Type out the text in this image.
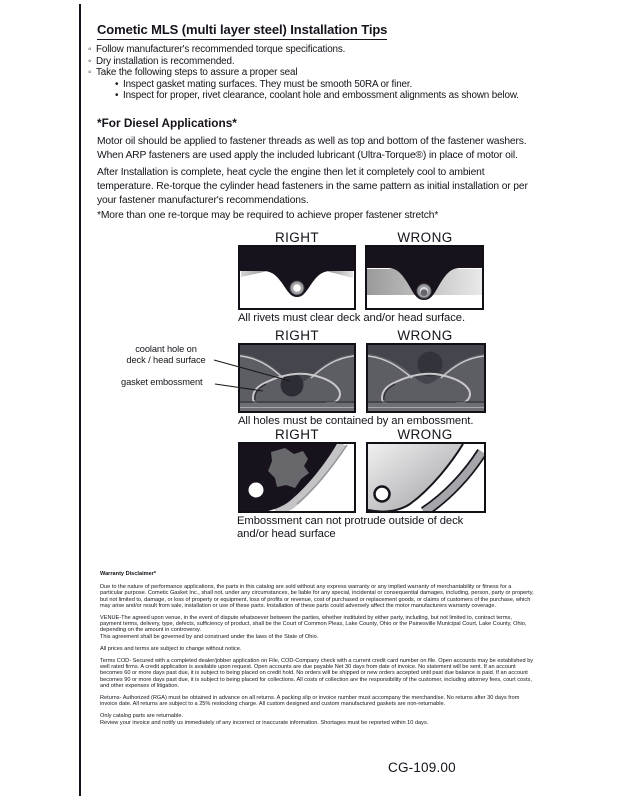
Cometic MLS (multi layer steel) Installation Tips
◦ Follow manufacturer's recommended torque specifications.
◦ Dry installation is recommended.
◦ Take the following steps to assure a proper seal
• Inspect gasket mating surfaces. They must be smooth 50RA or finer.
• Inspect for proper, rivet clearance, coolant hole and embossment alignments as shown below.
*For Diesel Applications*
Motor oil should be applied to fastener threads as well as top and bottom of the fastener washers. When ARP fasteners are used apply the included lubricant (Ultra-Torque®) in place of motor oil.
After Installation is complete, heat cycle the engine then let it completely cool to ambient temperature. Re-torque the cylinder head fasteners in the same pattern as initial installation or per your fastener manufacturer's recommendations.
*More than one re-torque may be required to achieve proper fastener stretch*
RIGHT	WRONG
All rivets must clear deck and/or head surface.
RIGHT	WRONG
coolant hole on
deck / head surface
gasket embossment
All holes must be contained by an embossment.
RIGHT	WRONG
Embossment can not protrude outside of deck and/or head surface

Warranty Disclaimer*

Due to the nature of performance applications, the parts in this catalog are sold without any express warranty or any implied warranty of merchantability or fitness for a particular purpose. Cometic Gasket Inc., shall not, under any circumstances, be liable for any special, incidental or consequential damages, including, person, party or property, but not limited to, damage, or loss of property or equipment, loss of profits or revenue, cost of purchased or replacement goods, or claims of customers of the purchase, which may arise and/or result from sale, installation or use of these parts. Installation of these parts could adversely affect the motor manufacturers warranty coverage.

VENUE-The agreed upon venue, in the event of dispute whatsoever between the parties, whether instituted by either party, including, but not limited to, contract terms, payment terms, delivery, type, defects, sufficiency of product, shall be the Court of Common Pleas, Lake County, Ohio or the Painesville Municipal Court, Lake County, Ohio, depending on the amount in controversy.

This agreement shall be governed by and construed under the laws of the State of Ohio.

All prices and terms are subject to change without notice.

Terms COD- Secured with a completed dealer/jobber application on File, COD-Company check with a current credit card number on file. Open accounts may be established by well rated firms. A credit application is available upon request. Open accounts are due payable Net 30 days from date of invoice. No statement will be sent. If an account becomes 60 or more days past due, it is subject to being placed on credit hold. No orders will be shipped or new orders accepted until past due balance is paid. If an account becomes 90 or more days past due, it is subject to being placed for collections. All costs of collection are the responsibility of the customer, including attorney fees, court costs, and other expenses of litigation.

Returns- Authorized (RGA) must be obtained in advance on all returns. A packing slip or invoice number must accompany the merchandise. No returns after 30 days from invoice date. All returns are subject to a 25% restocking charge. All custom designed and custom manufactured gaskets are non-returnable.

Only catalog parts are returnable.

Review your invoice and notify us immediately of any incorrect or inaccurate information. Shortages must be reported within 10 days.

CG-109.00
